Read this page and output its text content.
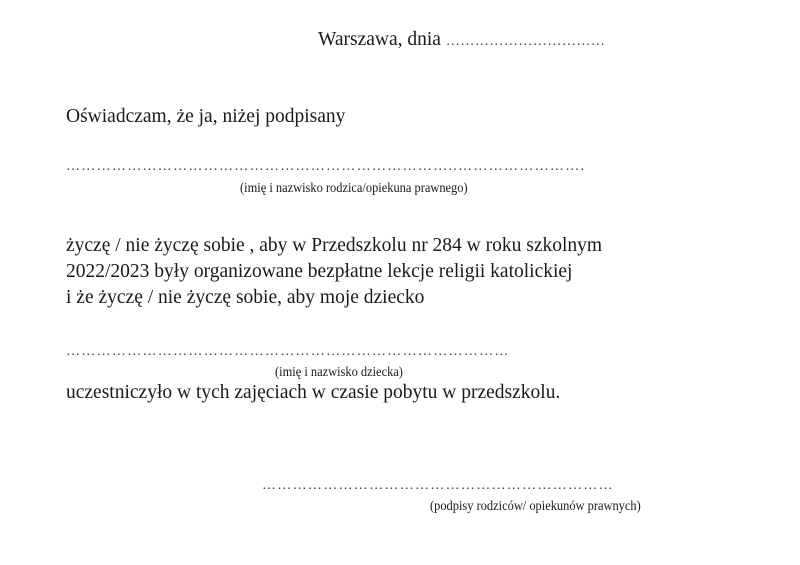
Warszawa, dnia ……………………………
Oświadczam, że ja, niżej podpisany
…………………………………………………………………..…………………….
(imię i nazwisko rodzica/opiekuna prawnego)
życzę / nie życzę sobie , aby w Przedszkolu nr 284 w roku szkolnym
2022/2023 były organizowane bezpłatne lekcje religii katolickiej
i że życzę / nie życzę sobie, aby moje dziecko
……………………………………………………………………………
(imię i nazwisko dziecka)
uczestniczyło w tych zajęciach w czasie pobytu w przedszkolu.
……………………………………………………………
(podpisy rodziców/ opiekunów prawnych)
